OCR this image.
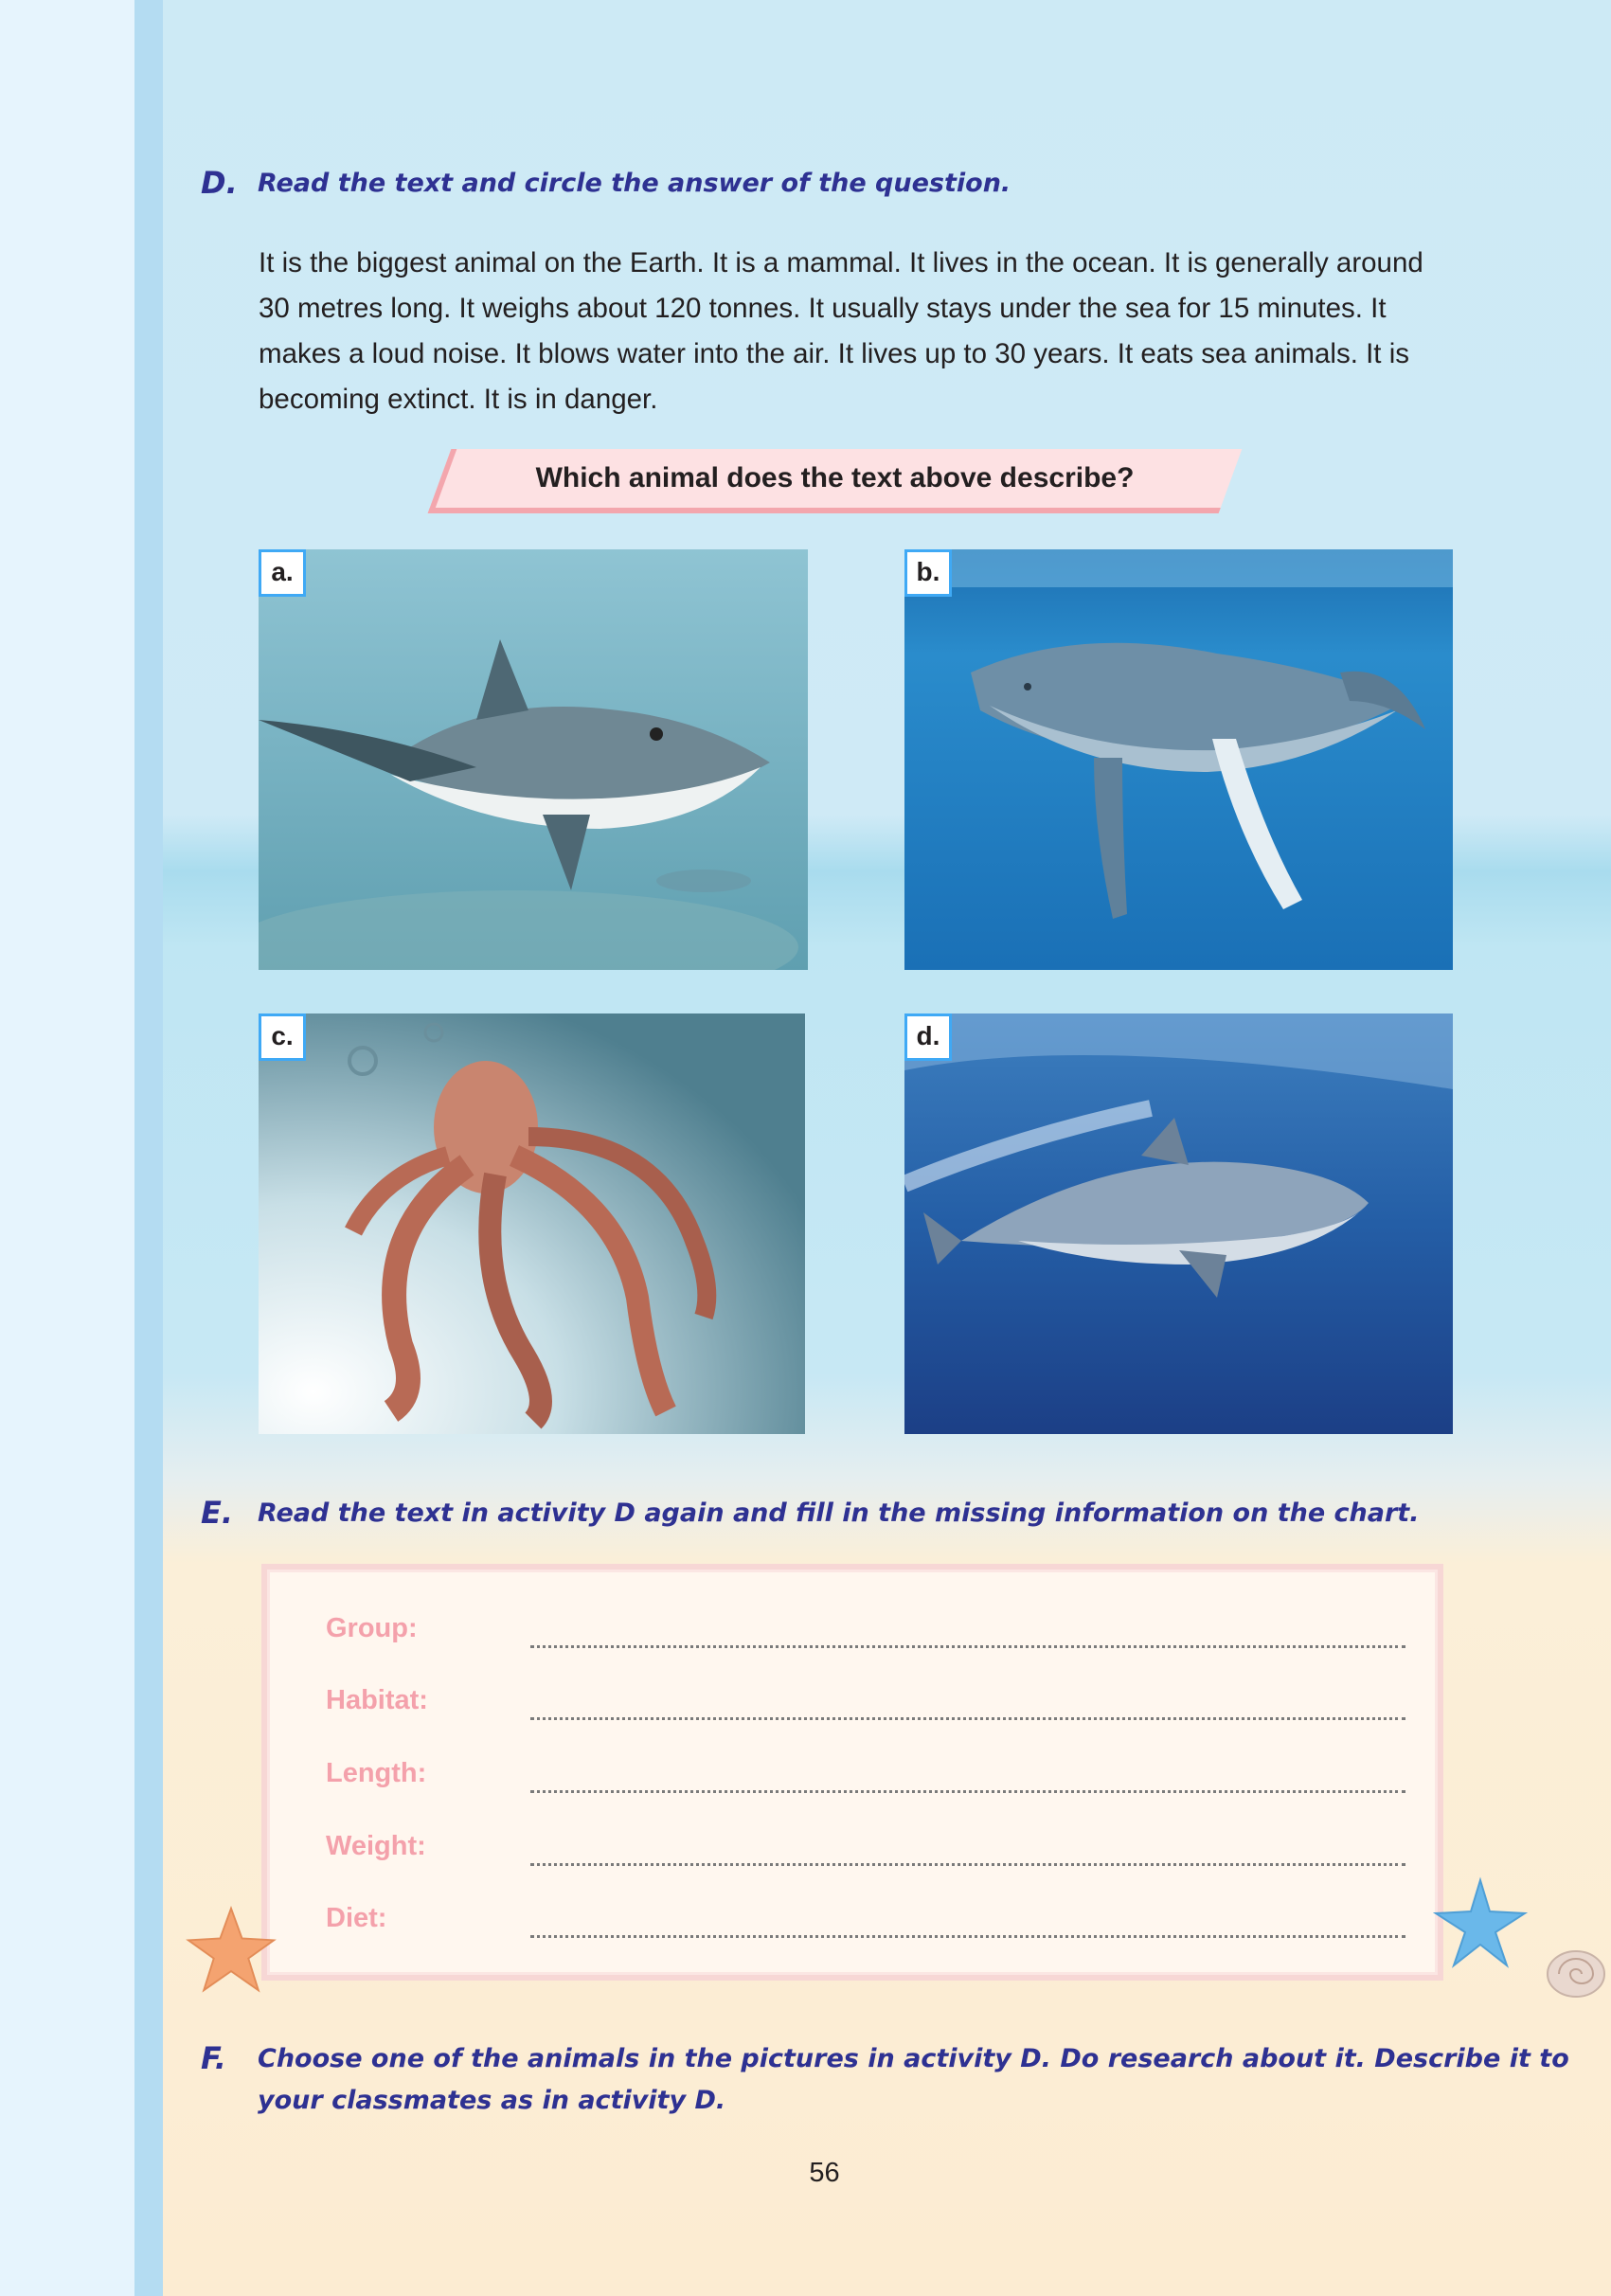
D. Read the text and circle the answer of the question.
It is the biggest animal on the Earth. It is a mammal. It lives in the ocean. It is generally around 30 metres long. It weighs about 120 tonnes. It usually stays under the sea for 15 minutes. It makes a loud noise. It blows water into the air. It lives up to 30 years. It eats sea animals. It is becoming extinct. It is in danger.
Which animal does the text above describe?
a.	b.
c.	d.
E. Read the text in activity D again and fill in the missing information on the chart.
Group:
Habitat:
Length:
Weight:
Diet:
F. Choose one of the animals in the pictures in activity D. Do research about it. Describe it to
your classmates as in activity D.
56
